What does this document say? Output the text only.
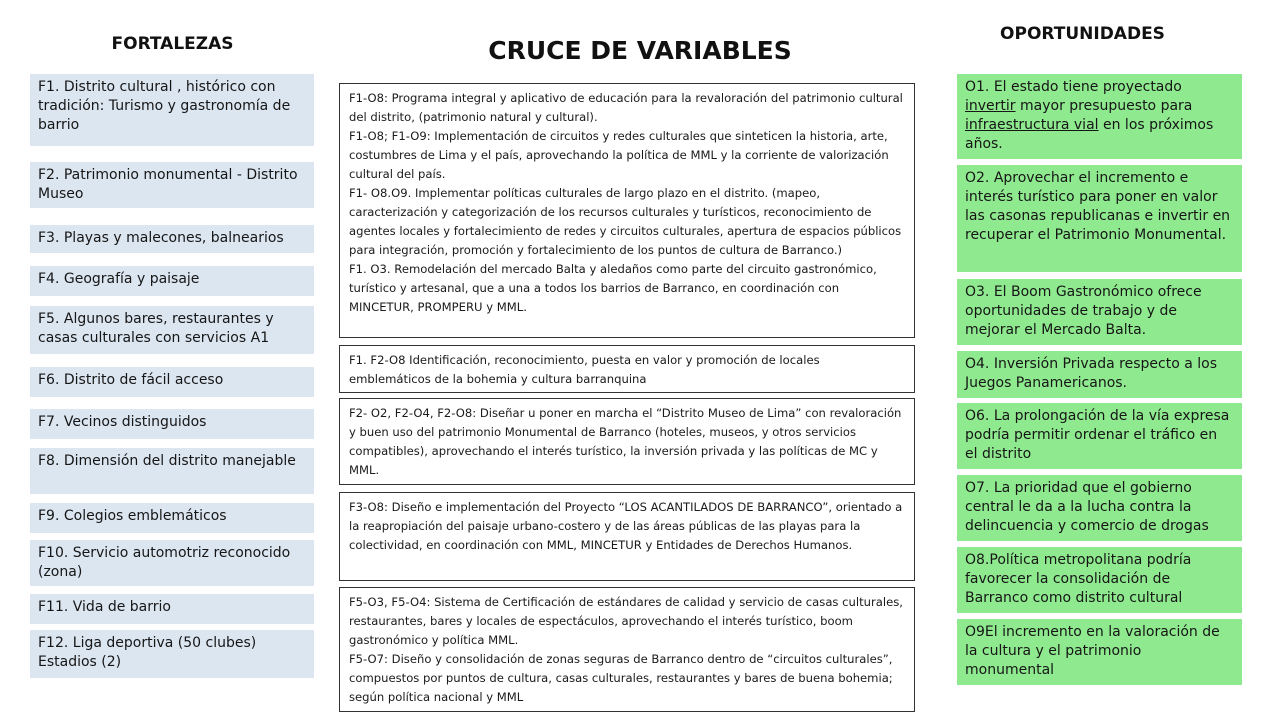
FORTALEZAS	CRUCE DE VARIABLES
OPORTUNIDADES
F1. Distrito cultural , histórico con tradición: Turismo y gastronomía de barrio
F2. Patrimonio monumental - Distrito Museo
F3. Playas y malecones, balnearios
F4. Geografía y paisaje
F5. Algunos bares, restaurantes y casas culturales con servicios A1
F6. Distrito de fácil acceso
F7. Vecinos distinguidos
F8. Dimensión del distrito manejable
F9. Colegios emblemáticos
F10. Servicio automotriz reconocido (zona)
F11. Vida de barrio
F12. Liga deportiva (50 clubes) Estadios (2)

F1-O8: Programa integral y aplicativo de educación para la revaloración del patrimonio cultural del distrito, (patrimonio natural y cultural).

F1-O8; F1-O9: Implementación de circuitos y redes culturales que sinteticen la historia, arte, costumbres de Lima y el país, aprovechando la política de MML y la corriente de valorización cultural del país.

F1- O8.O9. Implementar políticas culturales de largo plazo en el distrito. (mapeo, caracterización y categorización de los recursos culturales y turísticos, reconocimiento de agentes locales y fortalecimiento de redes y circuitos culturales, apertura de espacios públicos para integración, promoción y fortalecimiento de los puntos de cultura de Barranco.)

F1. O3. Remodelación del mercado Balta y aledaños como parte del circuito gastronómico, turístico y artesanal, que a una a todos los barrios de Barranco, en coordinación con MINCETUR, PROMPERU y MML.

F1. F2-O8 Identificación, reconocimiento, puesta en valor y promoción de locales emblemáticos de la bohemia y cultura barranquina

F2- O2, F2-O4, F2-O8: Diseñar u poner en marcha el “Distrito Museo de Lima” con revaloración y buen uso del patrimonio Monumental de Barranco (hoteles, museos, y otros servicios compatibles), aprovechando el interés turístico, la inversión privada y las políticas de MC y MML.

F3-O8: Diseño e implementación del Proyecto “LOS ACANTILADOS DE BARRANCO”, orientado a la reapropiación del paisaje urbano-costero y de las áreas públicas de las playas para la colectividad, en coordinación con MML, MINCETUR y Entidades de Derechos Humanos.

F5-O3, F5-O4: Sistema de Certificación de estándares de calidad y servicio de casas culturales, restaurantes, bares y locales de espectáculos, aprovechando el interés turístico, boom gastronómico y política MML.

F5-O7: Diseño y consolidación de zonas seguras de Barranco dentro de “circuitos culturales”, compuestos por puntos de cultura, casas culturales, restaurantes y bares de buena bohemia; según política nacional y MML

O1. El estado tiene proyectado invertir mayor presupuesto para infraestructura vial en los próximos años.
O2. Aprovechar el incremento e interés turístico para poner en valor las casonas republicanas e invertir en recuperar el Patrimonio Monumental.
O3. El Boom Gastronómico ofrece oportunidades de trabajo y de mejorar el Mercado Balta.
O4. Inversión Privada respecto a los Juegos Panamericanos.
O6. La prolongación de la vía expresa podría permitir ordenar el tráfico en el distrito
O7. La prioridad que el gobierno central le da a la lucha contra la delincuencia y comercio de drogas
O8.Política metropolitana podría favorecer la consolidación de Barranco como distrito cultural
O9El incremento en la valoración de la cultura y el patrimonio monumental
